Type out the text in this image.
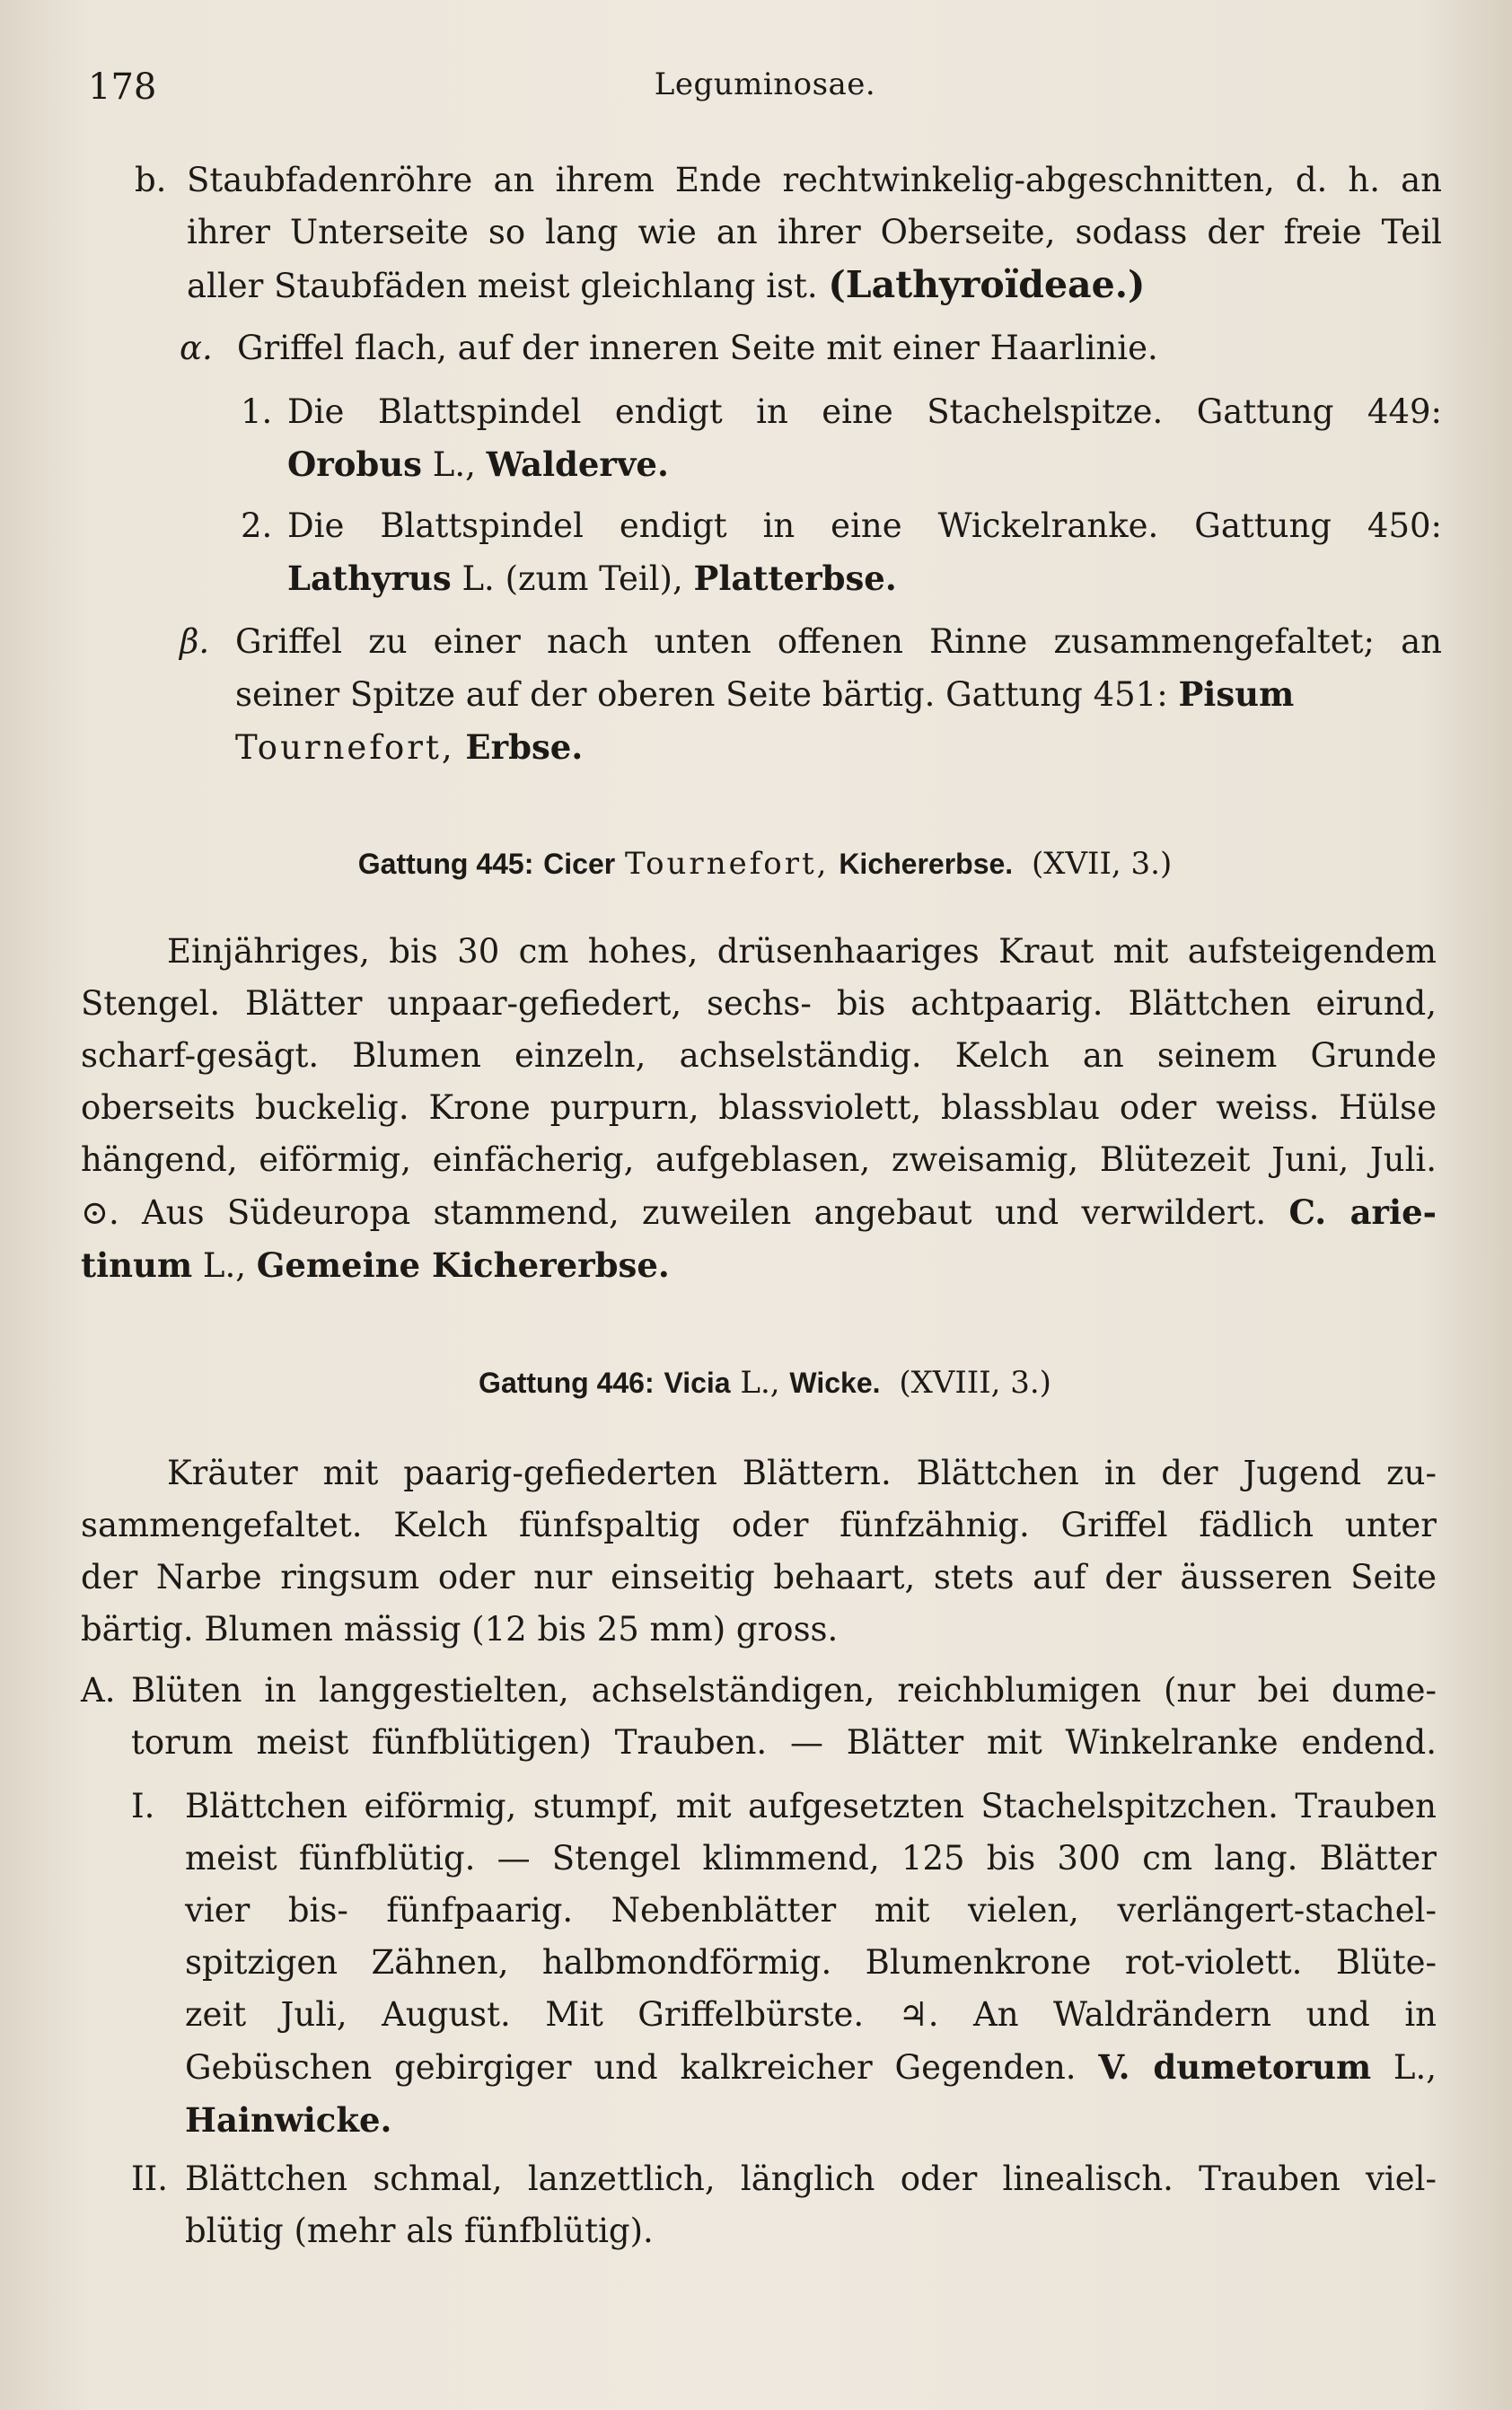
178	Leguminosae.
b. Staubfadenröhre an ihrem Ende rechtwinkelig-abgeschnitten, d. h. an
ihrer Unterseite so lang wie an ihrer Oberseite, sodass der freie Teil
aller Staubfäden meist gleichlang ist. (Lathyroïdeae.)
α. Griffel flach, auf der inneren Seite mit einer Haarlinie.
1. Die Blattspindel endigt in eine Stachelspitze. Gattung 449:
Orobus L., Walderve.
2. Die Blattspindel endigt in eine Wickelranke. Gattung 450:
Lathyrus L. (zum Teil), Platterbse.
β. Griffel zu einer nach unten offenen Rinne zusammengefaltet; an
seiner Spitze auf der oberen Seite bärtig. Gattung 451: Pisum
Tournefort, Erbse.
Gattung 445: Cicer Tournefort, Kichererbse. (XVII, 3.)
Einjähriges, bis 30 cm hohes, drüsenhaariges Kraut mit aufsteigendem
Stengel. Blätter unpaar-gefiedert, sechs- bis achtpaarig. Blättchen eirund,
scharf-gesägt. Blumen einzeln, achselständig. Kelch an seinem Grunde
oberseits buckelig. Krone purpurn, blassviolett, blassblau oder weiss. Hülse
hängend, eiförmig, einfächerig, aufgeblasen, zweisamig, Blütezeit Juni, Juli.
⊙. Aus Südeuropa stammend, zuweilen angebaut und verwildert. C. arie-
tinum L., Gemeine Kichererbse.
Gattung 446: Vicia L., Wicke. (XVIII, 3.)
Kräuter mit paarig-gefiederten Blättern. Blättchen in der Jugend zu-
sammengefaltet. Kelch fünfspaltig oder fünfzähnig. Griffel fädlich unter
der Narbe ringsum oder nur einseitig behaart, stets auf der äusseren Seite
bärtig. Blumen mässig (12 bis 25 mm) gross.
A. Blüten in langgestielten, achselständigen, reichblumigen (nur bei dume-
torum meist fünfblütigen) Trauben. — Blätter mit Winkelranke endend.
I. Blättchen eiförmig, stumpf, mit aufgesetzten Stachelspitzchen. Trauben
meist fünfblütig. — Stengel klimmend, 125 bis 300 cm lang. Blätter
vier bis- fünfpaarig. Nebenblätter mit vielen, verlängert-stachel-
spitzigen Zähnen, halbmondförmig. Blumenkrone rot-violett. Blüte-
zeit Juli, August. Mit Griffelbürste. ♃. An Waldrändern und in
Gebüschen gebirgiger und kalkreicher Gegenden. V. dumetorum L.,
Hainwicke.
II. Blättchen schmal, lanzettlich, länglich oder linealisch. Trauben viel-
blütig (mehr als fünfblütig).
